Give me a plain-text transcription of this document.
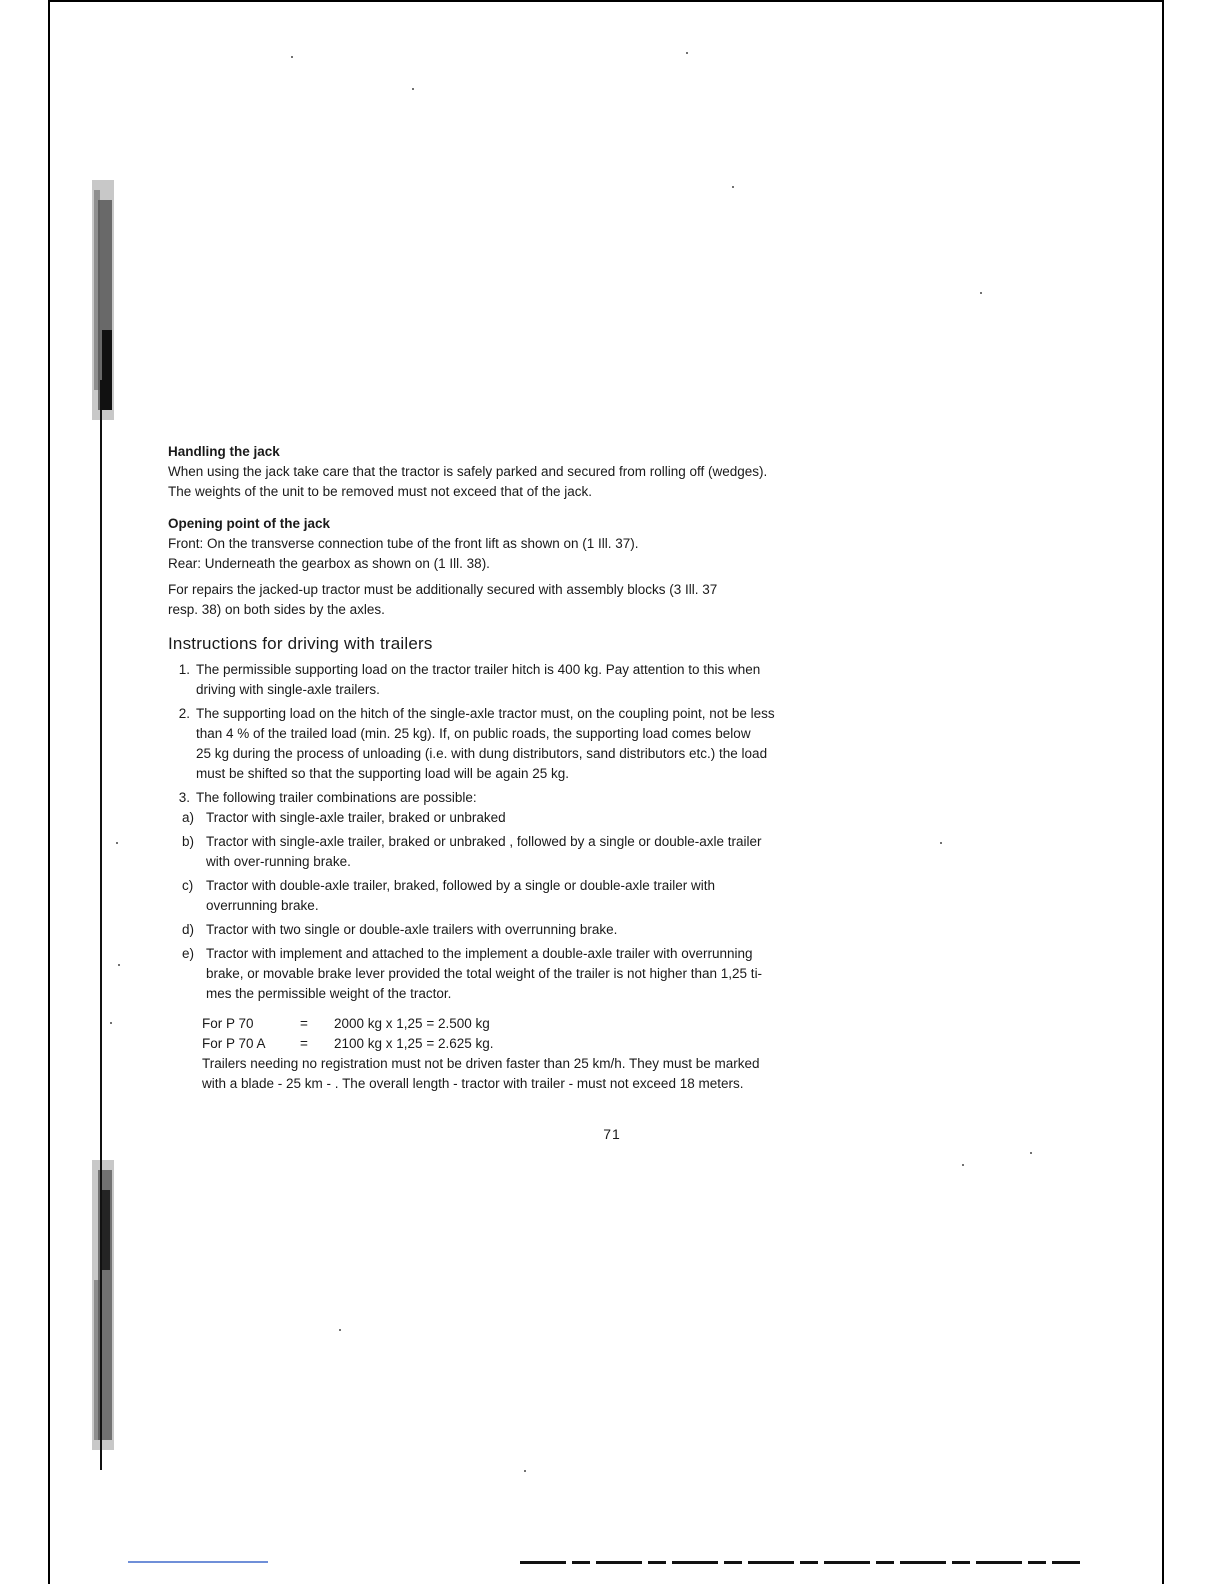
Handling the jack

When using the jack take care that the tractor is safely parked and secured from rolling off (wedges).

The weights of the unit to be removed must not exceed that of the jack.

Opening point of the jack

Front: On the transverse connection tube of the front lift as shown on (1 Ill. 37).

Rear: Underneath the gearbox as shown on (1 Ill. 38).

For repairs the jacked-up tractor must be additionally secured with assembly blocks (3 Ill. 37

resp. 38) on both sides by the axles.

Instructions for driving with trailers
1. The permissible supporting load on the tractor trailer hitch is 400 kg. Pay attention to this when

driving with single-axle trailers.

2. The supporting load on the hitch of the single-axle tractor must, on the coupling point, not be less

than 4 % of the trailed load (min. 25 kg). If, on public roads, the supporting load comes below

25 kg during the process of unloading (i.e. with dung distributors, sand distributors etc.) the load

must be shifted so that the supporting load will be again 25 kg.

3. The following trailer combinations are possible:

a) Tractor with single-axle trailer, braked or unbraked

b) Tractor with single-axle trailer, braked or unbraked , followed by a single or double-axle trailer

with over-running brake.

c) Tractor with double-axle trailer, braked, followed by a single or double-axle trailer with

overrunning brake.

d) Tractor with two single or double-axle trailers with overrunning brake.

e) Tractor with implement and attached to the implement a double-axle trailer with overrunning

brake, or movable brake lever provided the total weight of the trailer is not higher than 1,25 ti-

mes the permissible weight of the tractor.

For P 70	=	2000 kg x 1,25 = 2.500 kg
For P 70 A	=	2100 kg x 1,25 = 2.625 kg.

Trailers needing no registration must not be driven faster than 25 km/h. They must be marked

with a blade - 25 km - . The overall length - tractor with trailer - must not exceed 18 meters.

71
